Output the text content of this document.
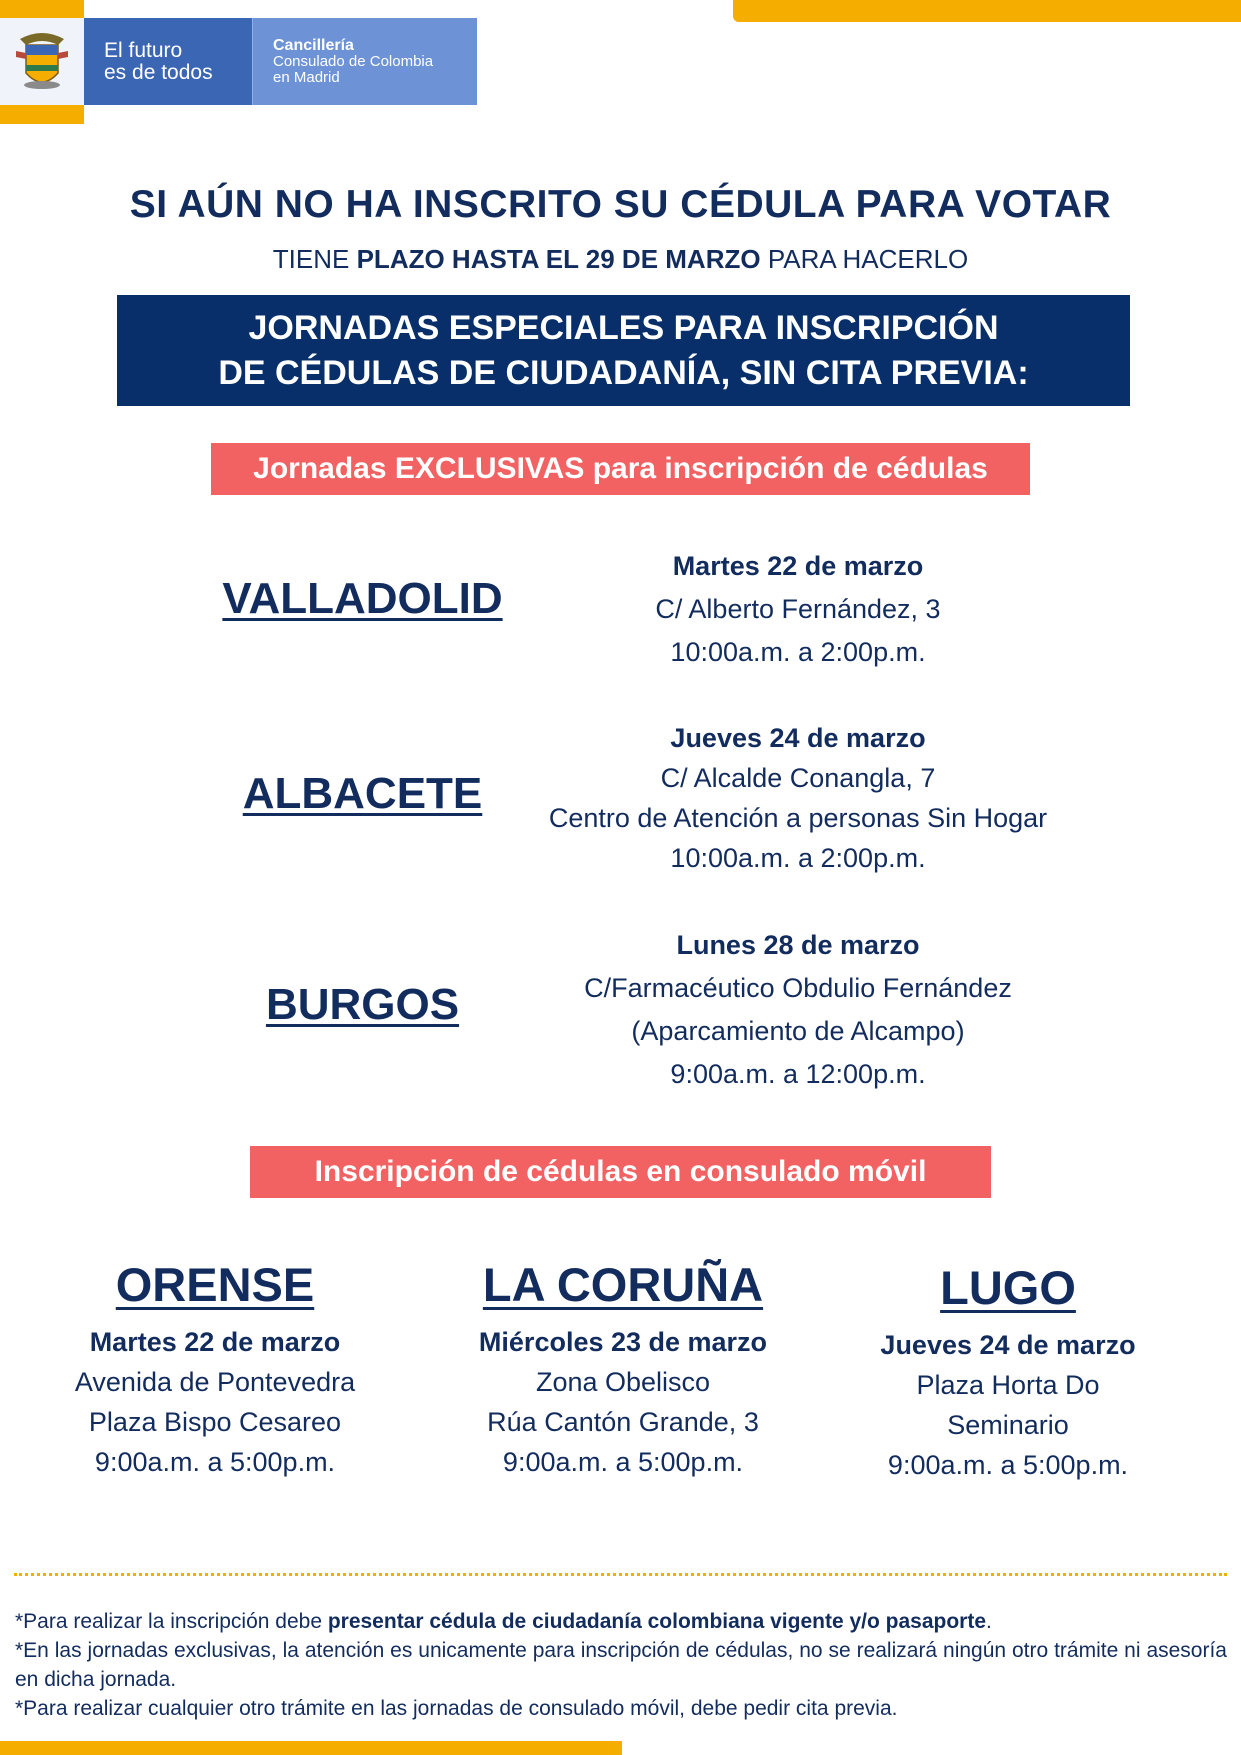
El futuro
es de todos
Cancillería
Consulado de Colombia
en Madrid
SI AÚN NO HA INSCRITO SU CÉDULA PARA VOTAR
TIENE PLAZO HASTA EL 29 DE MARZO PARA HACERLO
JORNADAS ESPECIALES PARA INSCRIPCIÓN
DE CÉDULAS DE CIUDADANÍA, SIN CITA PREVIA:
Jornadas EXCLUSIVAS para inscripción de cédulas
VALLADOLID
Martes 22 de marzo
C/ Alberto Fernández, 3
10:00a.m. a 2:00p.m.
ALBACETE
Jueves 24 de marzo
C/ Alcalde Conangla, 7
Centro de Atención a personas Sin Hogar
10:00a.m. a 2:00p.m.
BURGOS
Lunes 28 de marzo
C/Farmacéutico Obdulio Fernández
(Aparcamiento de Alcampo)
9:00a.m. a 12:00p.m.
Inscripción de cédulas en consulado móvil
ORENSE
Martes 22 de marzo
Avenida de Pontevedra
Plaza Bispo Cesareo
9:00a.m. a 5:00p.m.
LA CORUÑA
Miércoles 23 de marzo
Zona Obelisco
Rúa Cantón Grande, 3
9:00a.m. a 5:00p.m.
LUGO
Jueves 24 de marzo
Plaza Horta Do
Seminario
9:00a.m. a 5:00p.m.

*Para realizar la inscripción debe presentar cédula de ciudadanía colombiana vigente y/o pasaporte.

*En las jornadas exclusivas, la atención es unicamente para inscripción de cédulas, no se realizará ningún otro trámite ni asesoría en dicha jornada.

*Para realizar cualquier otro trámite en las jornadas de consulado móvil, debe pedir cita previa.
